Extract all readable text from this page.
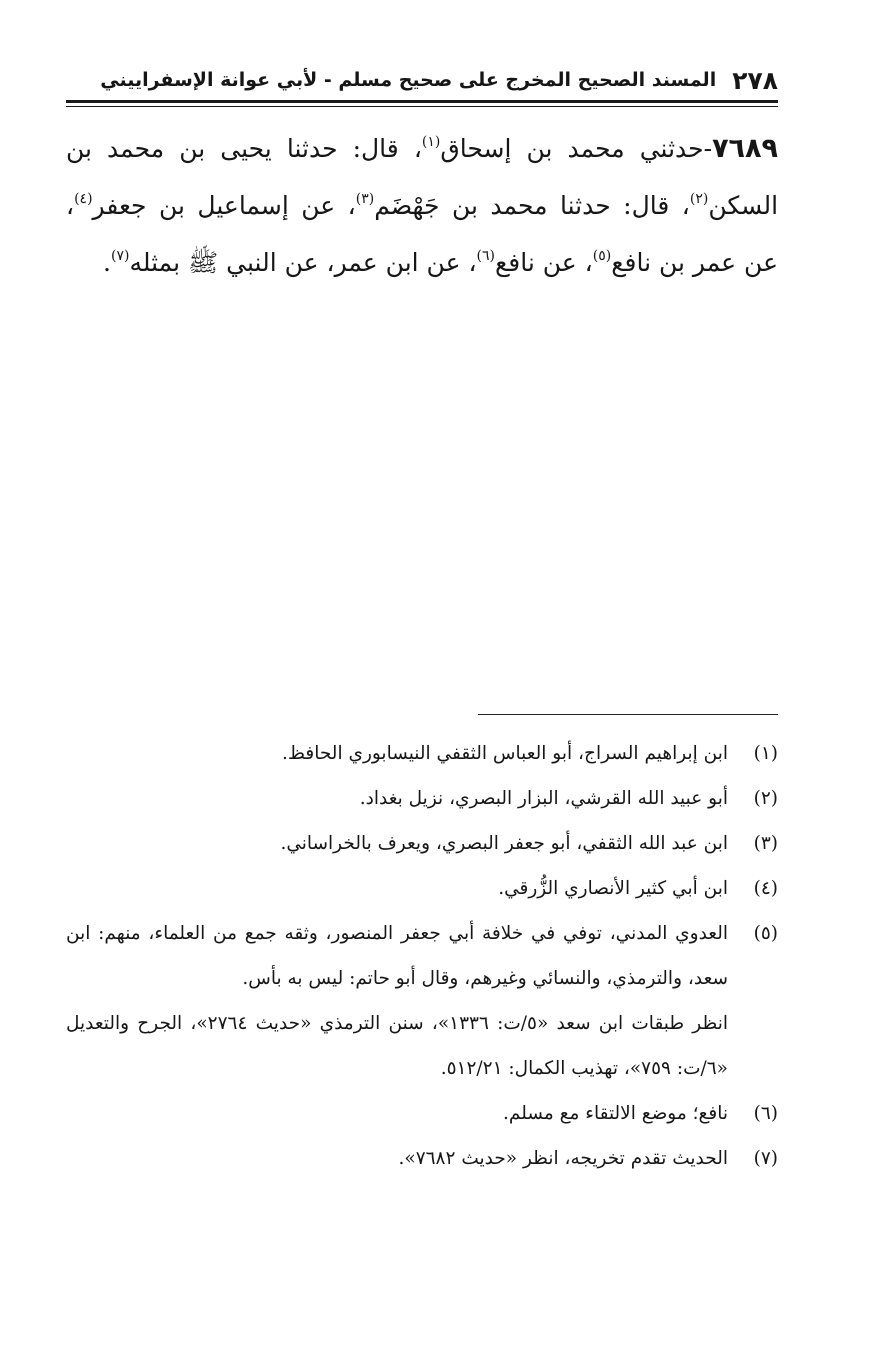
٢٧٨
المسند الصحيح المخرج على صحيح مسلم - لأبي عوانة الإسفراييني
٧٦٨٩-حدثني محمد بن إسحاق$^{(١)}$، قال: حدثنا يحيى بن محمد بن السكن$^{(٢)}$، قال: حدثنا محمد بن جَهْضَم$^{(٣)}$، عن إسماعيل بن جعفر$^{(٤)}$، عن عمر بن نافع$^{(٥)}$، عن نافع$^{(٦)}$، عن ابن عمر، عن النبي ﷺ بمثله$^{(٧)}$.
(١)
ابن إبراهيم السراج، أبو العباس الثقفي النيسابوري الحافظ.
(٢)
أبو عبيد الله القرشي، البزار البصري، نزيل بغداد.
(٣)
ابن عبد الله الثقفي، أبو جعفر البصري، ويعرف بالخراساني.
(٤)
ابن أبي كثير الأنصاري الزُّرقي.
(٥)
العدوي المدني، توفي في خلافة أبي جعفر المنصور، وثقه جمع من العلماء، منهم: ابن سعد، والترمذي، والنسائي وغيرهم، وقال أبو حاتم: ليس به بأس.
انظر طبقات ابن سعد «٥/ت: ١٣٣٦»، سنن الترمذي «حديث ٢٧٦٤»، الجرح والتعديل «٦/ت: ٧٥٩»، تهذيب الكمال: ٥١٢/٢١.
(٦)
نافع؛ موضع الالتقاء مع مسلم.
(٧)
الحديث تقدم تخريجه، انظر «حديث ٧٦٨٢».
